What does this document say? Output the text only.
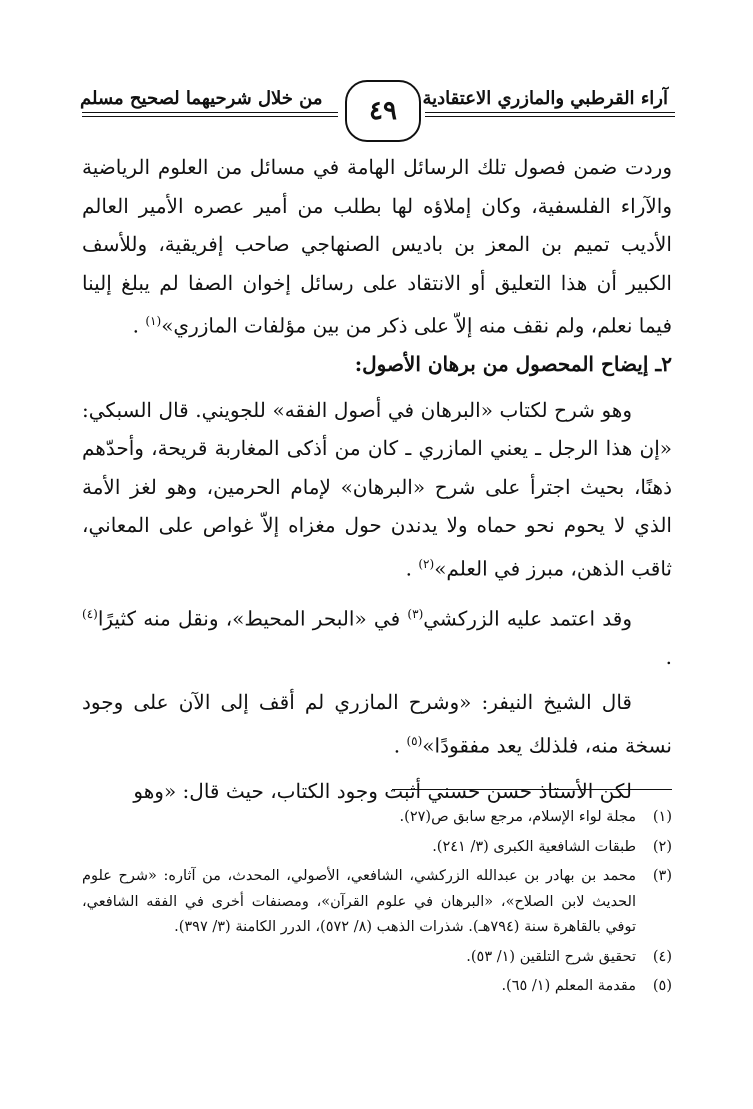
آراء القرطبي والمازري الاعتقادية
من خلال شرحيهما لصحيح مسلم	٤٩

وردت ضمن فصول تلك الرسائل الهامة في مسائل من العلوم الرياضية والآراء الفلسفية، وكان إملاؤه لها بطلب من أمير عصره الأمير العالم الأديب تميم بن المعز بن باديس الصنهاجي صاحب إفريقية، وللأسف الكبير أن هذا التعليق أو الانتقاد على رسائل إخوان الصفا لم يبلغ إلينا فيما نعلم، ولم نقف منه إلاّ على ذكر من بين مؤلفات المازري»$^{(١)}$ .

٢ـ إيضاح المحصول من برهان الأصول:

وهو شرح لكتاب «البرهان في أصول الفقه» للجويني. قال السبكي: «إن هذا الرجل ـ يعني المازري ـ كان من أذكى المغاربة قريحة، وأحدّهم ذهنًا، بحيث اجترأ على شرح «البرهان» لإمام الحرمين، وهو لغز الأمة الذي لا يحوم نحو حماه ولا يدندن حول مغزاه إلاّ غواص على المعاني، ثاقب الذهن، مبرز في العلم»$^{(٢)}$ .

وقد اعتمد عليه الزركشي$^{(٣)}$ في «البحر المحيط»، ونقل منه كثيرًا$^{(٤)}$ .

قال الشيخ النيفر: «وشرح المازري لم أقف إلى الآن على وجود نسخة منه، فلذلك يعد مفقودًا»$^{(٥)}$ .

لكن الأستاذ حسن حسني أثبت وجود الكتاب، حيث قال: «وهو

(١)
مجلة لواء الإسلام، مرجع سابق ص(٢٧).
(٢)
طبقات الشافعية الكبرى (٣/ ٢٤١).
(٣)
محمد بن بهادر بن عبدالله الزركشي، الشافعي، الأصولي، المحدث، من آثاره: «شرح علوم الحديث لابن الصلاح»، «البرهان في علوم القرآن»، ومصنفات أخرى في الفقه الشافعي، توفي بالقاهرة سنة (٧٩٤هـ). شذرات الذهب (٨/ ٥٧٢)، الدرر الكامنة (٣/ ٣٩٧).
(٤)
تحقيق شرح التلقين (١/ ٥٣).
(٥)
مقدمة المعلم (١/ ٦٥).
